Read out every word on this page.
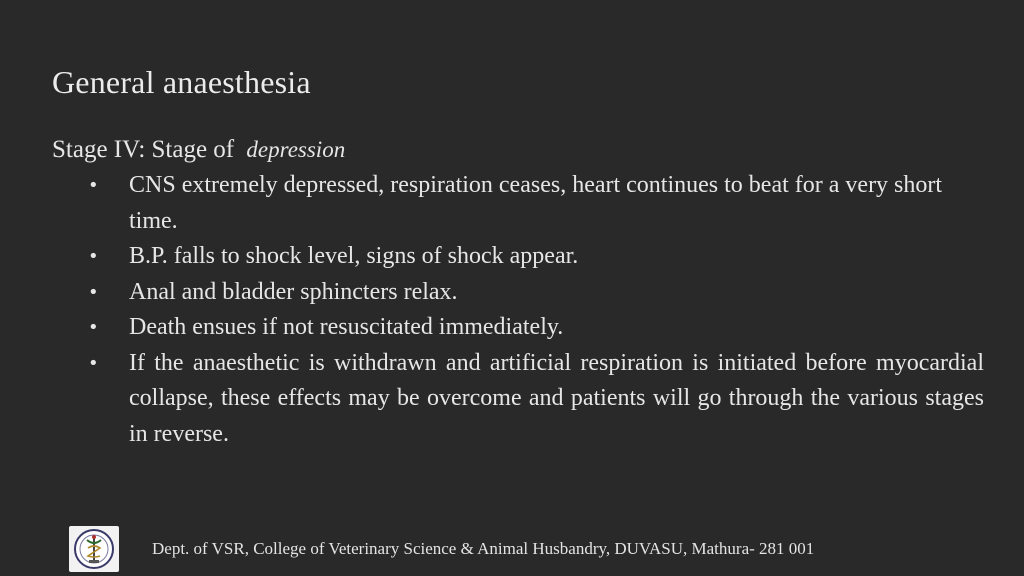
General anaesthesia
Stage IV: Stage of depression
• CNS extremely depressed, respiration ceases, heart continues to beat for a very short time.
• B.P. falls to shock level, signs of shock appear.
• Anal and bladder sphincters relax.
• Death ensues if not resuscitated immediately.
• If the anaesthetic is withdrawn and artificial respiration is initiated before myocardial collapse, these effects may be overcome and patients will go through the various stages in reverse.
Dept. of VSR, College of Veterinary Science & Animal Husbandry, DUVASU, Mathura- 281 001
